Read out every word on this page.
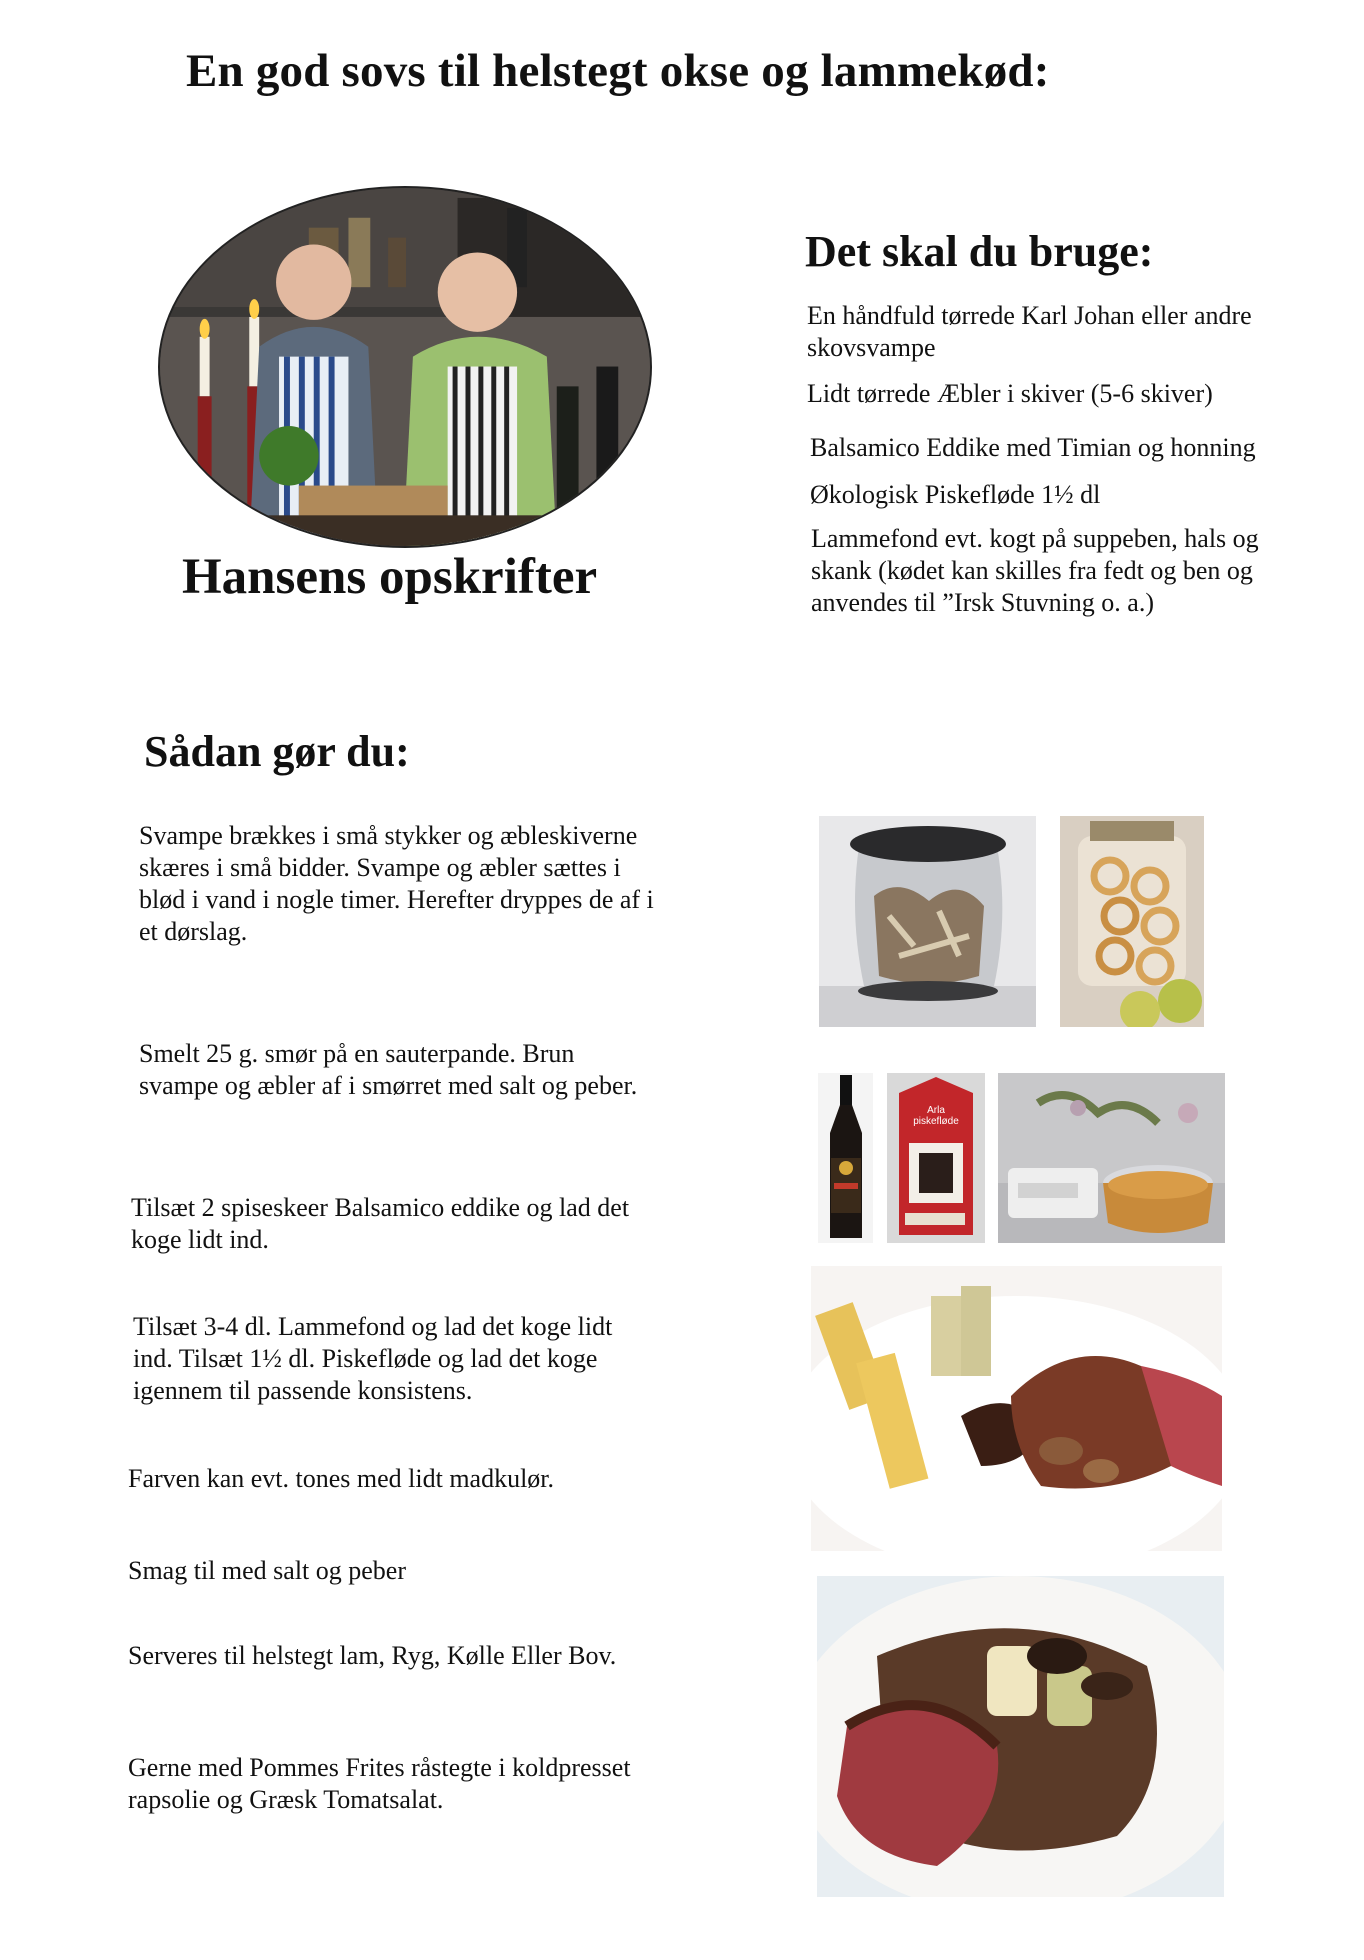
En god sovs til helstegt okse og lammekød:
Hansens opskrifter
Det skal du bruge:
En håndfuld tørrede Karl Johan eller andre skovsvampe
Lidt tørrede Æbler i skiver (5-6 skiver)
Balsamico Eddike med Timian og honning
Økologisk Piskefløde 1½ dl
Lammefond evt. kogt på suppeben, hals og skank (kødet kan skilles fra fedt og ben og anvendes til ”Irsk Stuvning o. a.)
Sådan gør du:
Svampe brækkes i små stykker og æbleskiverne skæres i små bidder. Svampe og æbler sættes i blød i vand i nogle timer. Herefter dryppes de af i et dørslag.
Smelt 25 g. smør på en sauterpande. Brun svampe og æbler af i smørret med salt og peber.
Tilsæt 2 spiseskeer Balsamico eddike og lad det koge lidt ind.
Tilsæt 3-4 dl. Lammefond og lad det koge lidt ind. Tilsæt 1½ dl. Piskefløde og lad det koge igennem til passende konsistens.
Farven kan evt. tones med lidt madkulør.
Smag til med salt og peber
Serveres til helstegt lam, Ryg, Kølle Eller Bov.
Gerne med Pommes Frites råstegte i koldpresset rapsolie og Græsk Tomatsalat.
Arla
piskefløde
